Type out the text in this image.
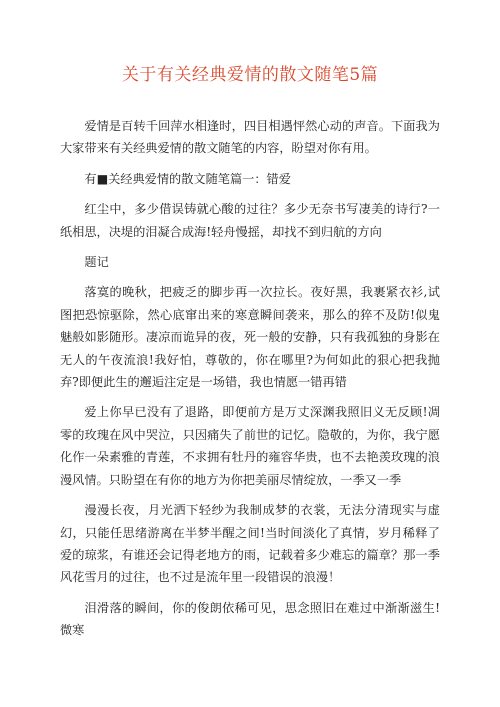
关于有关经典爱情的散文随笔5篇

爱情是百转千回萍水相逢时，四目相遇怦然心动的声音。下面我为大家带来有关经典爱情的散文随笔的内容，盼望对你有用。

有■关经典爱情的散文随笔篇一：错爱

红尘中，多少借误铸就心酸的过往？多少无奈书写凄美的诗行?一纸相思，决堤的泪凝合成海!轻舟慢摇，却找不到归航的方向

题记

落寞的晚秋，把疲乏的脚步再一次拉长。夜好黑，我裹紧衣衫,试图把恐惊驱除，然心底窜出来的寒意瞬间袭来，那么的猝不及防!似鬼魅般如影随形。凄凉而诡异的夜，死一般的安静，只有我孤独的身影在无人的午夜流浪!我好怕，尊敬的，你在哪里?为何如此的狠心把我抛弃?即便此生的邂逅注定是一场错，我也情愿一错再错

爱上你早已没有了退路，即便前方是万丈深渊我照旧义无反顾!凋零的玫瑰在风中哭泣，只因痛失了前世的记忆。隐敬的，为你，我宁愿化作一朵素雅的青莲，不求拥有牡丹的雍容华贵，也不去艳羡玫瑰的浪漫风情。只盼望在有你的地方为你把美丽尽情绽放，一季又一季

漫漫长夜，月光洒下轻纱为我制成梦的衣裳，无法分清现实与虚幻，只能任思绪游离在半梦半醒之间!当时间淡化了真情，岁月稀释了爱的琼浆，有谁还会记得老地方的雨，记载着多少难忘的篇章？那一季风花雪月的过往，也不过是流年里一段错误的浪漫！

泪滑落的瞬间，你的俊朗依稀可见，思念照旧在难过中渐渐滋生!微寒
